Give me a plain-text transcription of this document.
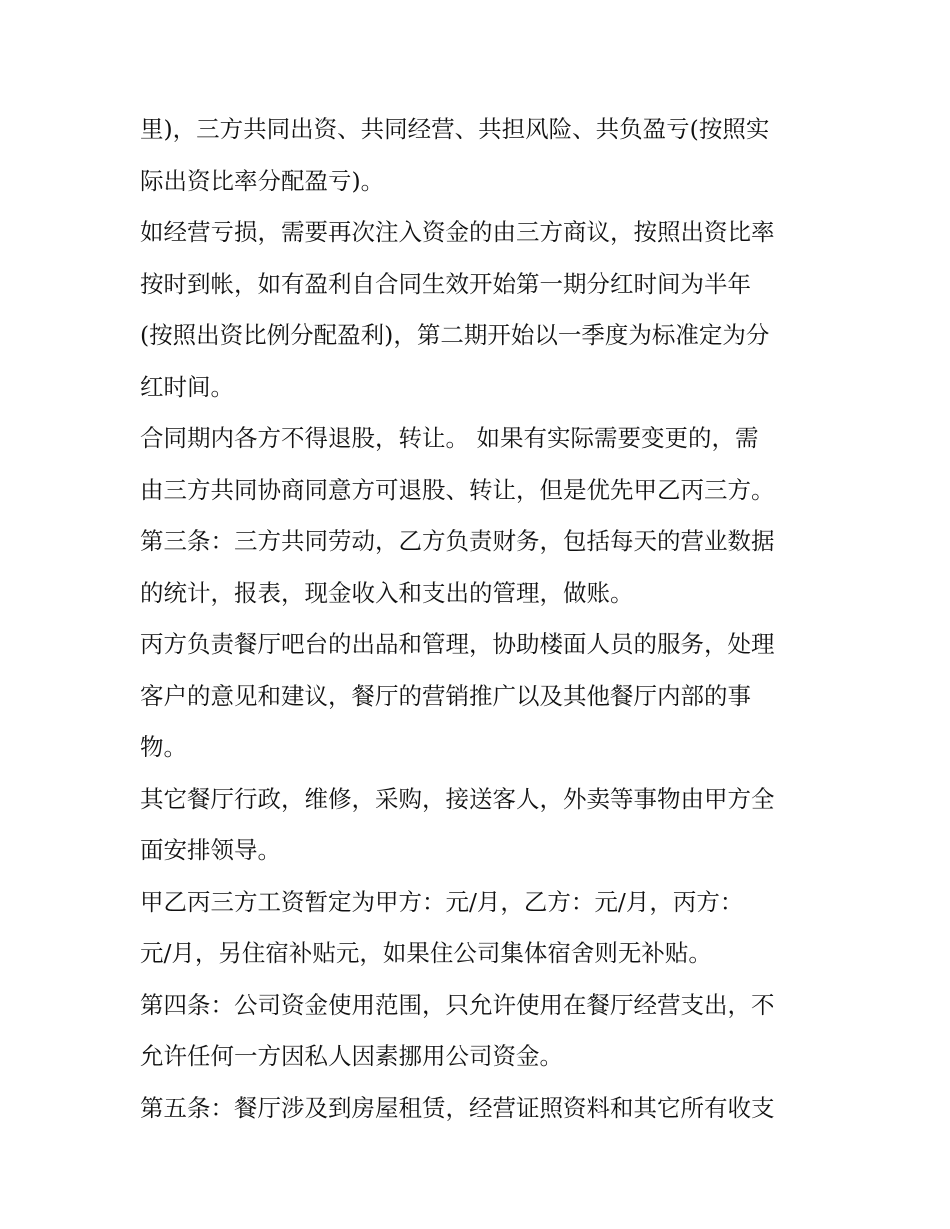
里)，三方共同出资、共同经营、共担风险、共负盈亏(按照实
际出资比率分配盈亏)。
如经营亏损，需要再次注入资金的由三方商议，按照出资比率
按时到帐，如有盈利自合同生效开始第一期分红时间为半年
(按照出资比例分配盈利)，第二期开始以一季度为标准定为分
红时间。
合同期内各方不得退股，转让。 如果有实际需要变更的，需
由三方共同协商同意方可退股、转让，但是优先甲乙丙三方。
第三条：三方共同劳动，乙方负责财务，包括每天的营业数据
的统计，报表，现金收入和支出的管理，做账。
丙方负责餐厅吧台的出品和管理，协助楼面人员的服务，处理
客户的意见和建议，餐厅的营销推广以及其他餐厅内部的事
物。
其它餐厅行政，维修，采购，接送客人，外卖等事物由甲方全
面安排领导。
甲乙丙三方工资暂定为甲方：元/月，乙方：元/月，丙方：
元/月，另住宿补贴元，如果住公司集体宿舍则无补贴。
第四条：公司资金使用范围，只允许使用在餐厅经营支出，不
允许任何一方因私人因素挪用公司资金。
第五条：餐厅涉及到房屋租赁，经营证照资料和其它所有收支
